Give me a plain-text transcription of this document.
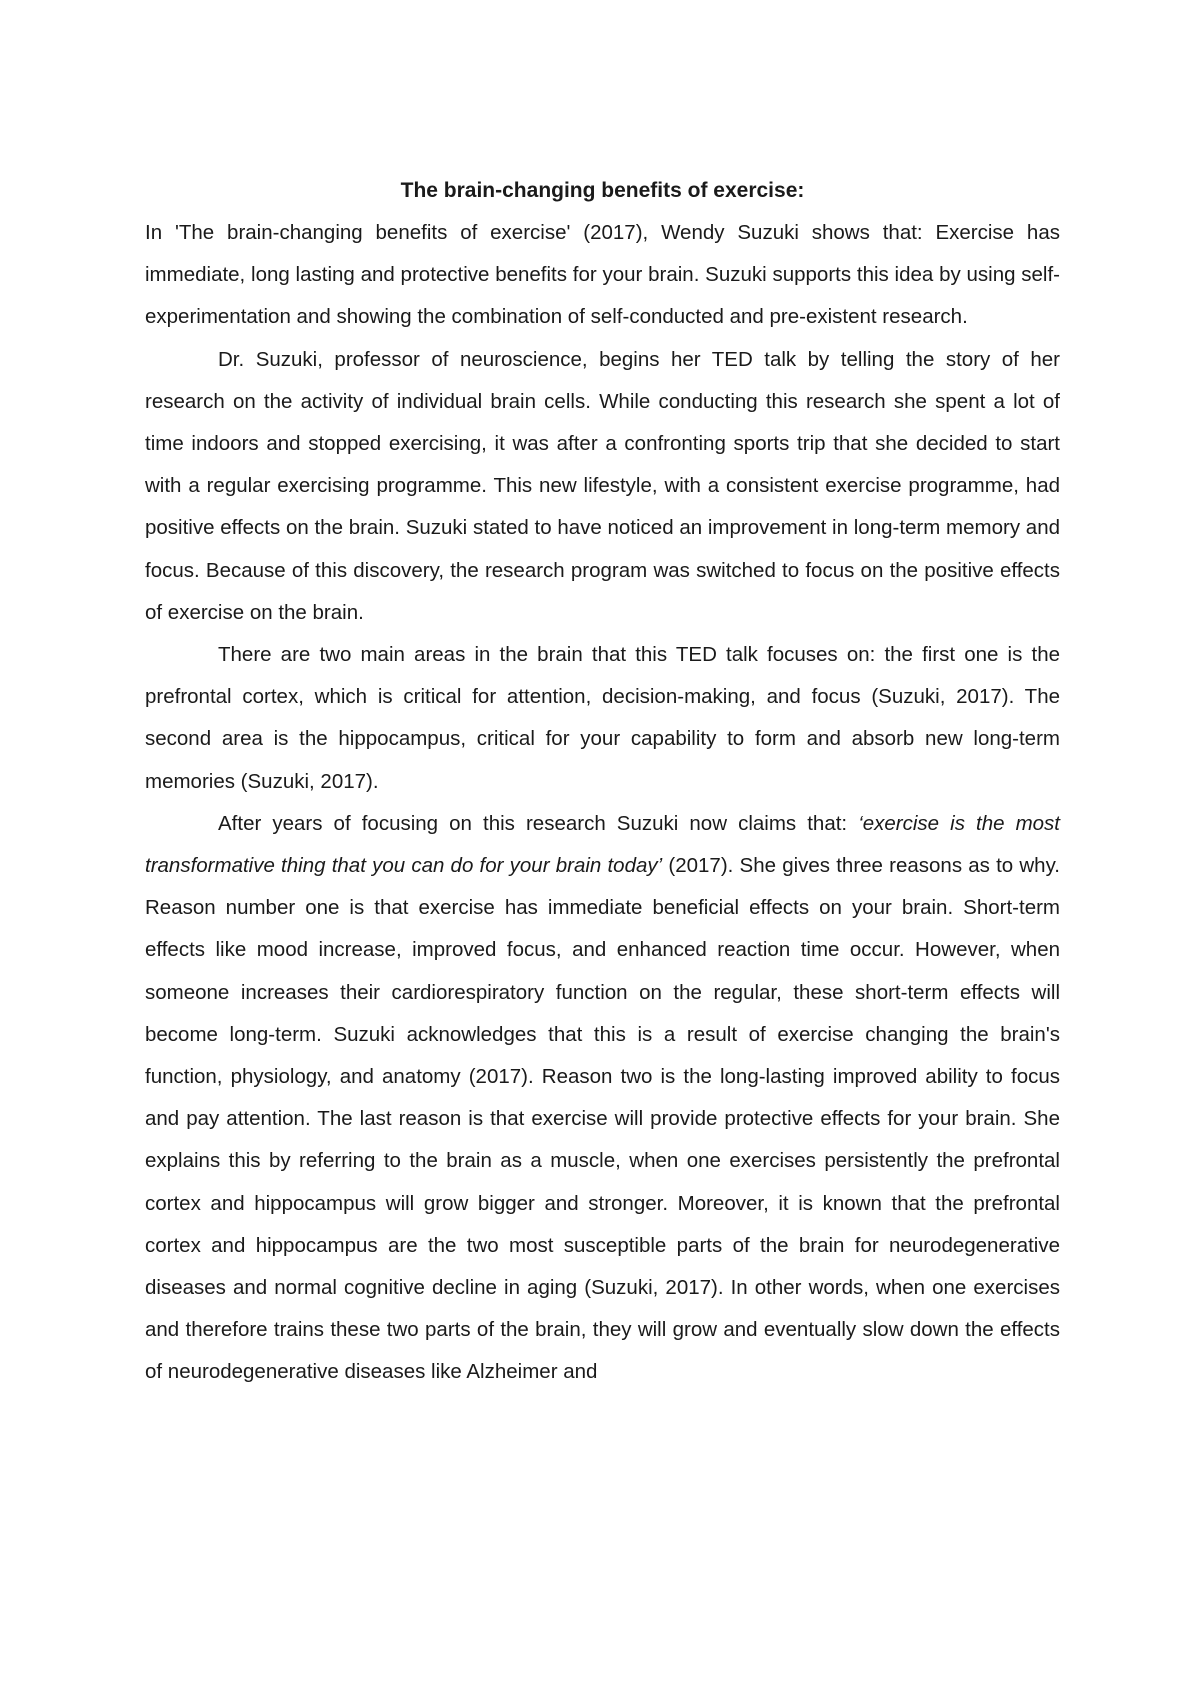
The brain-changing benefits of exercise:

In 'The brain-changing benefits of exercise' (2017), Wendy Suzuki shows that: Exercise has immediate, long lasting and protective benefits for your brain. Suzuki supports this idea by using self-experimentation and showing the combination of self-conducted and pre-existent research.

Dr. Suzuki, professor of neuroscience, begins her TED talk by telling the story of her research on the activity of individual brain cells. While conducting this research she spent a lot of time indoors and stopped exercising, it was after a confronting sports trip that she decided to start with a regular exercising programme. This new lifestyle, with a consistent exercise programme, had positive effects on the brain. Suzuki stated to have noticed an improvement in long-term memory and focus. Because of this discovery, the research program was switched to focus on the positive effects of exercise on the brain.

There are two main areas in the brain that this TED talk focuses on: the first one is the prefrontal cortex, which is critical for attention, decision-making, and focus (Suzuki, 2017). The second area is the hippocampus, critical for your capability to form and absorb new long-term memories (Suzuki, 2017).

After years of focusing on this research Suzuki now claims that: ‘exercise is the most transformative thing that you can do for your brain today’ (2017). She gives three reasons as to why. Reason number one is that exercise has immediate beneficial effects on your brain. Short-term effects like mood increase, improved focus, and enhanced reaction time occur. However, when someone increases their cardiorespiratory function on the regular, these short-term effects will become long-term. Suzuki acknowledges that this is a result of exercise changing the brain's function, physiology, and anatomy (2017). Reason two is the long-lasting improved ability to focus and pay attention. The last reason is that exercise will provide protective effects for your brain. She explains this by referring to the brain as a muscle, when one exercises persistently the prefrontal cortex and hippocampus will grow bigger and stronger. Moreover, it is known that the prefrontal cortex and hippocampus are the two most susceptible parts of the brain for neurodegenerative diseases and normal cognitive decline in aging (Suzuki, 2017). In other words, when one exercises and therefore trains these two parts of the brain, they will grow and eventually slow down the effects of neurodegenerative diseases like Alzheimer and
